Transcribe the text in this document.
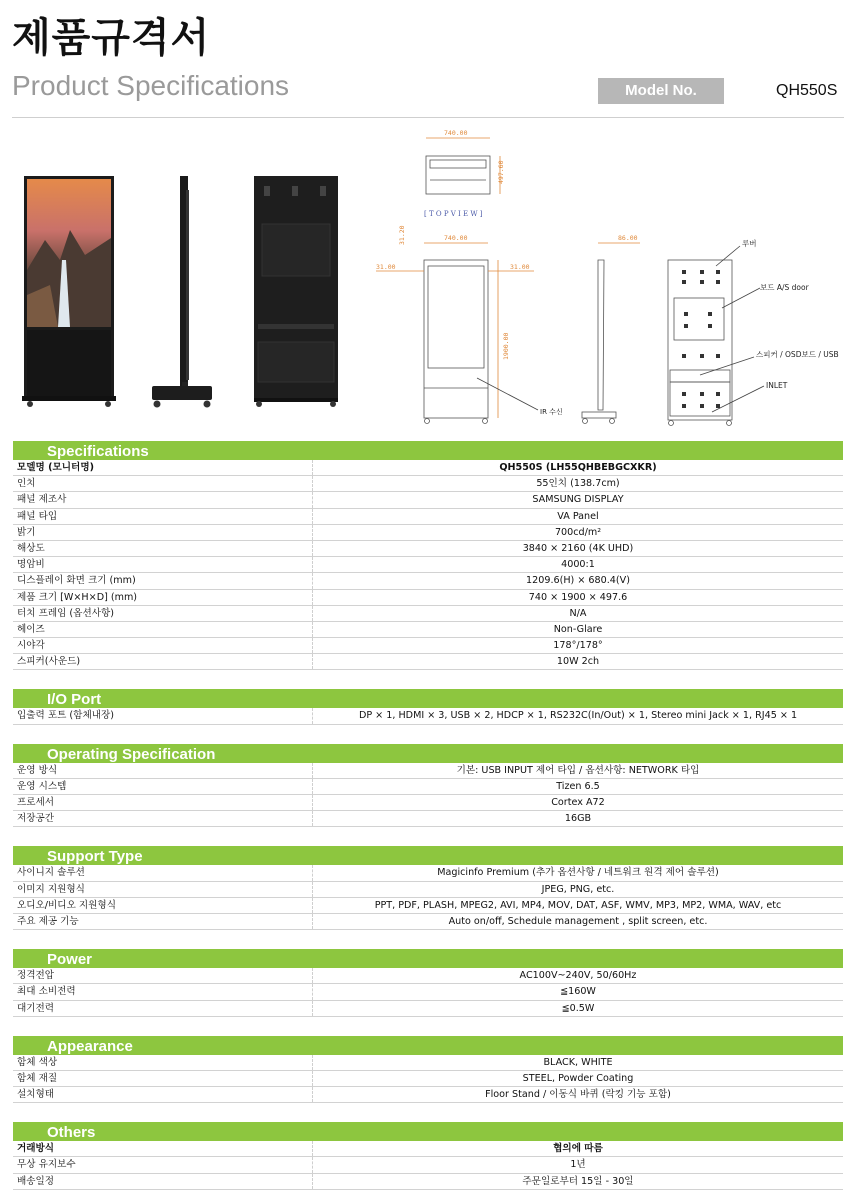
제품규격서
Product Specifications	Model No.	QH550S
740.00
497.60
[ T O P V I E W ]
740.00
31.00	31.00
31.20
1900.00
IR 수신
86.00
루버
보드 A/S door
스피커 / OSD보드 / USB
INLET
Specifications
모델명 (모니터명)	QH550S (LH55QHBEBGCXKR)
인치	55인치 (138.7cm)
패널 제조사	SAMSUNG DISPLAY
패널 타입	VA Panel
밝기	700cd/m²
해상도	3840 × 2160 (4K UHD)
명암비	4000:1
디스플레이 화면 크기 (mm)	1209.6(H) × 680.4(V)
제품 크기 [W×H×D] (mm)	740 × 1900 × 497.6
터치 프레임 (옵션사항)	N/A
헤이즈	Non-Glare
시야각	178°/178°
스피커(사운드)	10W 2ch
I/O Port
입출력 포트 (함체내장)	DP × 1, HDMI × 3, USB × 2, HDCP × 1, RS232C(In/Out) × 1, Stereo mini Jack × 1, RJ45 × 1
Operating Specification
운영 방식	기본: USB INPUT 제어 타입 / 옵션사항: NETWORK 타입
운영 시스템	Tizen 6.5
프로세서	Cortex A72
저장공간	16GB
Support Type
사이니지 솔루션	Magicinfo Premium (추가 옵션사항 / 네트워크 원격 제어 솔루션)
이미지 지원형식	JPEG, PNG, etc.
오디오/비디오 지원형식	PPT, PDF, PLASH, MPEG2, AVI, MP4, MOV, DAT, ASF, WMV, MP3, MP2, WMA, WAV, etc
주요 제공 기능	Auto on/off, Schedule management , split screen, etc.
Power
정격전압	AC100V~240V, 50/60Hz
최대 소비전력	≦160W
대기전력	≦0.5W
Appearance
함체 색상	BLACK, WHITE
함체 재질	STEEL, Powder Coating
설치형태	Floor Stand / 이동식 바퀴 (락킹 기능 포함)
Others
거래방식	협의에 따름
무상 유지보수	1년
배송일정	주문일로부터 15일 - 30일
